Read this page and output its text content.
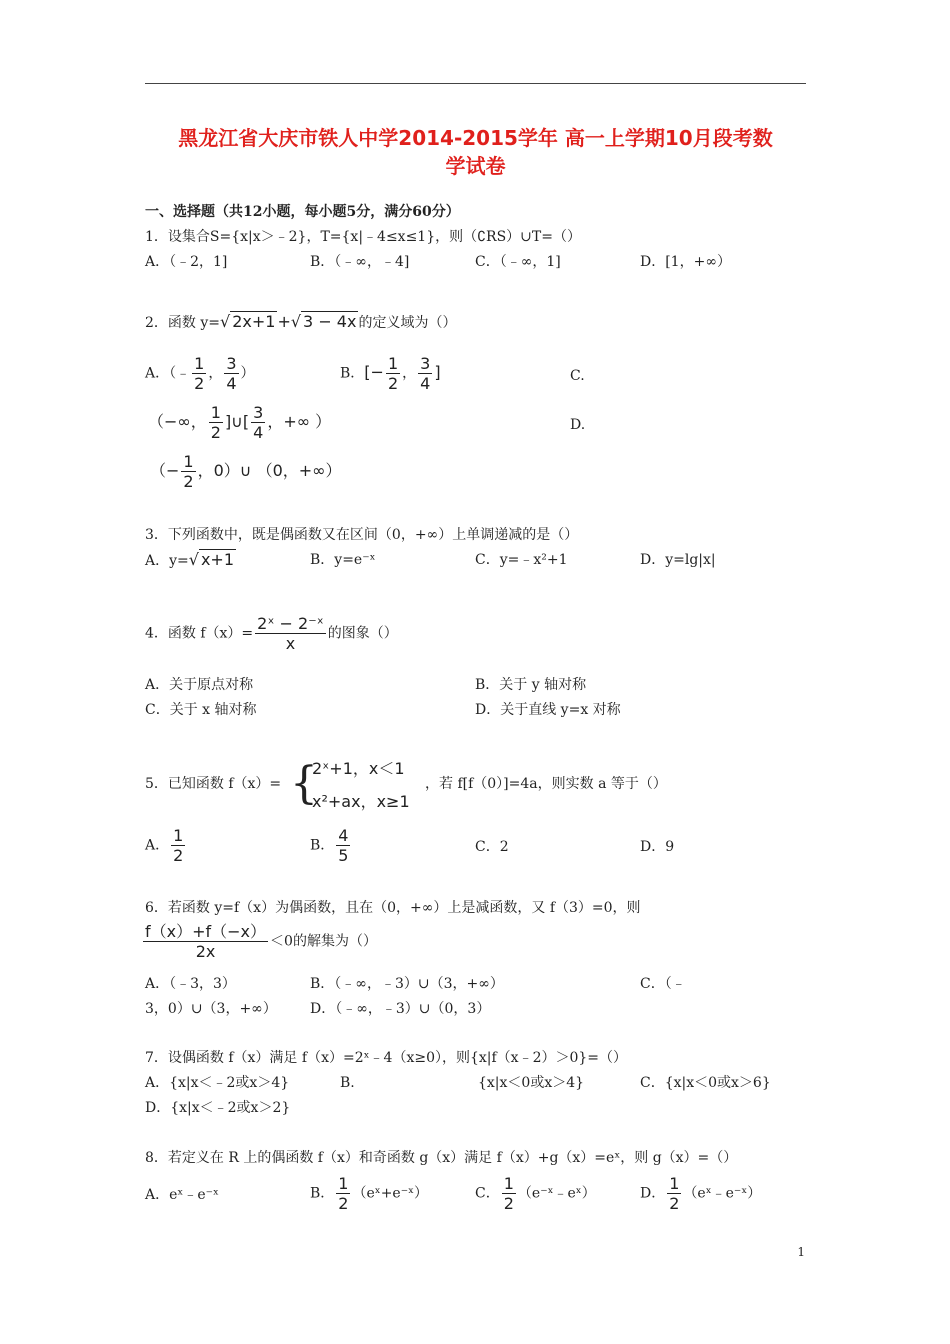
黑龙江省大庆市铁人中学2014-2015学年 高一上学期10月段考数
学试卷
一、选择题（共12小题，每小题5分，满分60分）
1．设集合S={x|x＞﹣2}，T={x|﹣4≤x≤1}，则（∁RS）∪T=（）
A．（﹣2，1]	B．（﹣∞，﹣4]	C．（﹣∞，1]	D．[1，+∞）
2．函数 y=√ 2x+1 +√ 3 − 4x 的定义域为（）
A．（﹣ $\frac{1}{2}$ ， $\frac{3}{4}$ ）	B．[− $\frac{1}{2}$ ， $\frac{3}{4}$ ]	C.
（−∞， $\frac{1}{2}$ ]∪[ $\frac{3}{4}$ ，+∞ ）	D.
（− $\frac{1}{2}$ ，0）∪ （0，+∞）
3．下列函数中，既是偶函数又在区间（0，+∞）上单调递减的是（）
A．y=√ x+1	B．y=e⁻ˣ	C．y=﹣x²+1	D．y=lg|x|
4．函数 $f(x)= \frac{\text{2ˣ − 2⁻ˣ}}{x}$ 的图象（）
A．关于原点对称	B．关于 y 轴对称
C．关于 x 轴对称	D．关于直线 y=x 对称
5．已知函数 f（x）= {
2ˣ+1，x＜1
x²+ax，x≥1
，若 f[f（0）]=4a，则实数 a 等于（）
A． $\frac{1}{2}$	B． $\frac{4}{5}$	C．2	D．9
6．若函数 y=f（x）为偶函数，且在（0，+∞）上是减函数，又 f（3）=0，则
$\frac{f(x)+f(-x)}{2x} <0$的解集为（）
A．（﹣3，3）	B．（﹣∞，﹣3）∪（3，+∞）	C．（﹣
3，0）∪（3，+∞） D．（﹣∞，﹣3）∪（0，3）
7．设偶函数 f（x）满足 f（x）=2ˣ﹣4（x≥0），则{x|f（x﹣2）＞0}=（）
A．{x|x＜﹣2或x＞4}	B.	{x|x＜0或x＞4}	C．{x|x＜0或x＞6}
D．{x|x＜﹣2或x＞2}
8．若定义在 R 上的偶函数 f（x）和奇函数 g（x）满足 f（x）+g（x）=eˣ，则 g（x）=（）
A．eˣ﹣e⁻ˣ	B． $\frac{1}{2}$ （eˣ+e⁻ˣ）	C． $\frac{1}{2}$ （e⁻ˣ﹣eˣ）	D． $\frac{1}{2}$ （eˣ﹣e⁻ˣ）
1
